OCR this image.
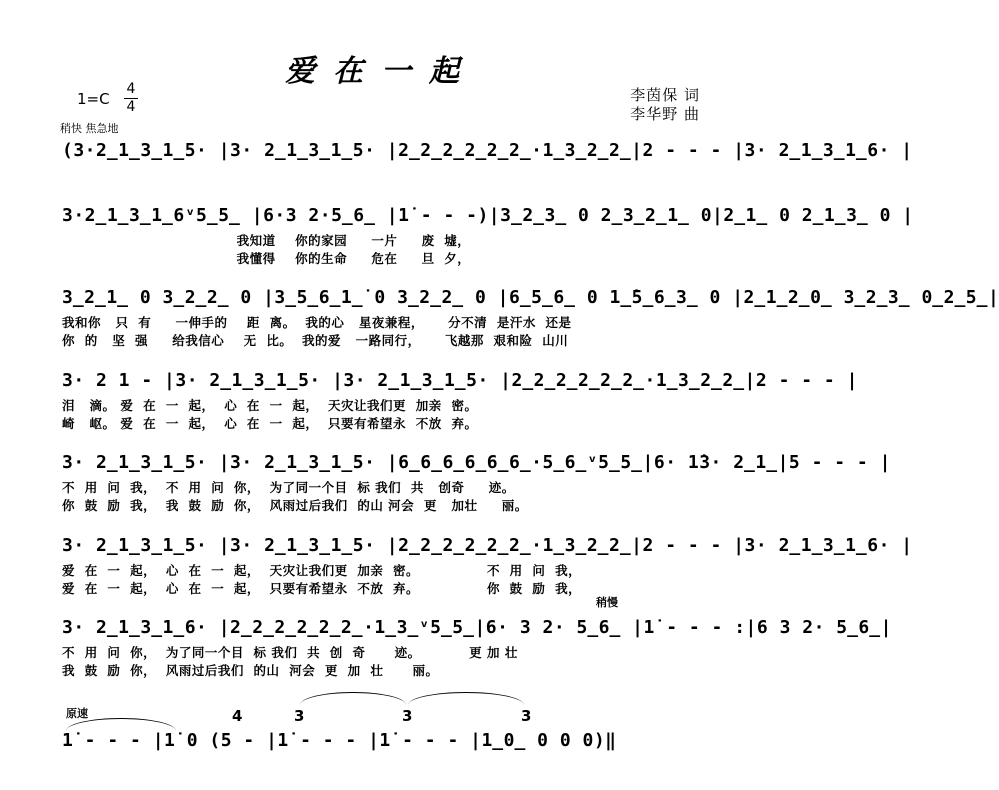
爱在一起
1=C
4
4
稍快 焦急地
李茵保 词
李华野 曲
(3·2̲1̲3̲1̲5· |3· 2̲1̲3̲1̲5· |2̲2̲2̲2̲2̲2̲·1̲3̲2̲2̲|2 - - - |3· 2̲1̲3̲1̲6· |
3·2̲1̲3̲1̲6ᵛ5̲5̲ |6·3 2·5̲6̲ |1̇ - - -)|3̲2̲3̲ 0 2̲3̲2̲1̲ 0|2̲1̲ 0 2̲1̲3̲ 0 |
我知道    你的家园     一片     废  墟，
我懂得    你的生命     危在     旦  夕，
3̲2̲1̲ 0 3̲2̲2̲ 0 |3̲5̲6̲1̲̇ 0 3̲2̲2̲ 0 |6̲5̲6̲ 0 1̲̇5̲6̲3̲ 0 |2̲1̲2̲0̲ 3̲2̲3̲ 0̲2̲5̲|
我和你   只  有     一伸手的    距  离。  我的心   星夜兼程，     分不清  是汗水  还是
你  的   坚  强     给我信心    无  比。  我的爱   一路同行，     飞越那  艰和险  山川
3· 2 1 - |3· 2̲1̲3̲1̲5· |3· 2̲1̲3̲1̲5· |2̲2̲2̲2̲2̲2̲·1̲3̲2̲2̲|2 - - - |
泪   滴。 爱  在  一  起，  心  在  一  起，  天灾让我们更  加亲  密。
崎   岖。 爱  在  一  起，  心  在  一  起，  只要有希望永  不放  弃。
3· 2̲1̲3̲1̲5· |3· 2̲1̲3̲1̲5· |6̲6̲6̲6̲6̲6̲·5̲6̲ᵛ5̲5̲|6· 1̇3· 2̲1̲|5 - - - |
不  用  问  我，  不  用  问  你，  为了同一个目  标 我们  共   创奇     迹。
你  鼓  励  我，  我  鼓  励  你，  风雨过后我们  的山 河会  更   加壮     丽。
3· 2̲1̲3̲1̲5· |3· 2̲1̲3̲1̲5· |2̲2̲2̲2̲2̲2̲·1̲3̲2̲2̲|2 - - - |3· 2̲1̲3̲1̲6· |
爱  在  一  起，  心  在  一  起，  天灾让我们更  加亲  密。              不  用  问  我，
爱  在  一  起，  心  在  一  起，  只要有希望永  不放  弃。              你  鼓  励  我，
稍慢
3· 2̲1̲3̲1̲6· |2̲2̲2̲2̲2̲2̲·1̲3̲ᵛ5̲5̲|6· 3 2· 5̲6̲ |1̇ - - - :|6 3 2· 5̲6̲|
不  用  问  你，  为了同一个目  标 我们  共  创  奇      迹。          更 加 壮
我  鼓  励  你，  风雨过后我们  的山  河会  更  加  壮      丽。
原速	4	3	3	3
1̇ - - - |1̇ 0 (5 - |1̇ - - - |1̇ - - - |1̲0̲ 0 0 0)‖
